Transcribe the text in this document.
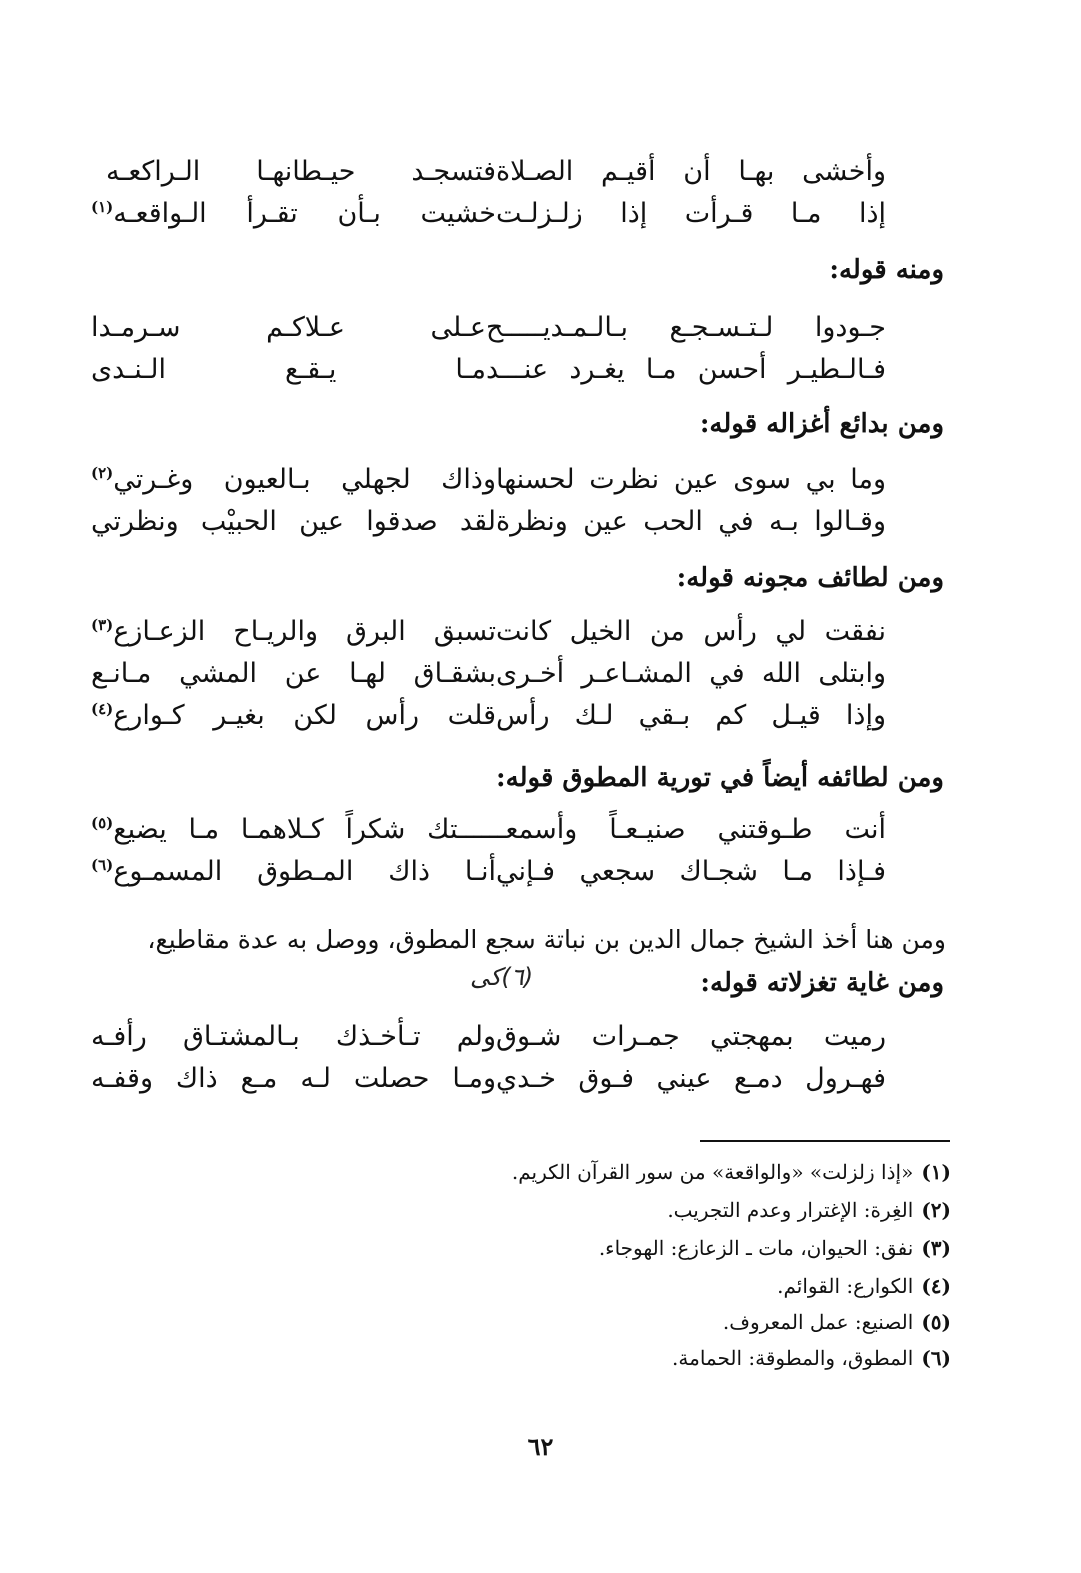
وأخشى بهـا أن أقيـم الصـلاة
فتسجـد حيـطانهـا الـراكعـه
إذا مـا قـرأت إذا زلـزلـت
خشيت بـأن تقـرأ الـواقعـه$^{(١)}$
ومنه قوله:
جـودوا لـتـسـجـع بـالـمـديـــــح
عـلى عـلاكـم سـرمـدا
فـالـطيـر أحسن مـا يغـرد عنـــد
مـا يـقـع الـنـدى
ومن بدائع أغزاله قوله:
وما بي سوى عين نظرت لحسنها
وذاك لجهلي بـالعيون وغـرتي$^{(٢)}$
وقـالوا بـه في الحب عين ونظرة
لقد صدقوا عين الحبيْب ونظرتي
ومن لطائف مجونه قوله:
نفقت لي رأس من الخيل كانت
تسبق البرق والريـاح الزعـازع$^{(٣)}$
وابتلى الله في المشـاعـر أخـرى
بشقـاق لهـا عن المشي مـانـع
وإذا قيـل كم بـقي لـك رأس
قلت رأس لكن بغيـر كـوارع$^{(٤)}$
ومن لطائفه أيضاً في تورية المطوق قوله:
أنت طـوقتني صنيـعـاً وأسمعـــــ
ـتك شكراً كـلاهمـا مـا يضيع$^{(٥)}$
فـإذا مـا شجـاك سجعي فـإني
أنـا ذاك المـطوق المسمـوع$^{(٦)}$
ومن هنا أخذ الشيخ جمال الدين بن نباتة سجع المطوق، ووصل به عدة مقاطيع،
(٦)كى	ومن غاية تغزلاته قوله:
رميت بمهجتي جمـرات شـوق
ولم تـأخـذك بـالمشتـاق رأفـه
فهـرول دمـع عيني فـوق خـدي
ومـا حصلت لـه مـع ذاك وقفـه
(١)«إذا زلزلت» «والواقعة» من سور القرآن الكريم.
(٢)الغِرة: الإغترار وعدم التجريب.
(٣)نفق: الحيوان، مات ـ الزعازع: الهوجاء.
(٤)الكوارع: القوائم.
(٥)الصنيع: عمل المعروف.
(٦)المطوق، والمطوقة: الحمامة.
٦٢
